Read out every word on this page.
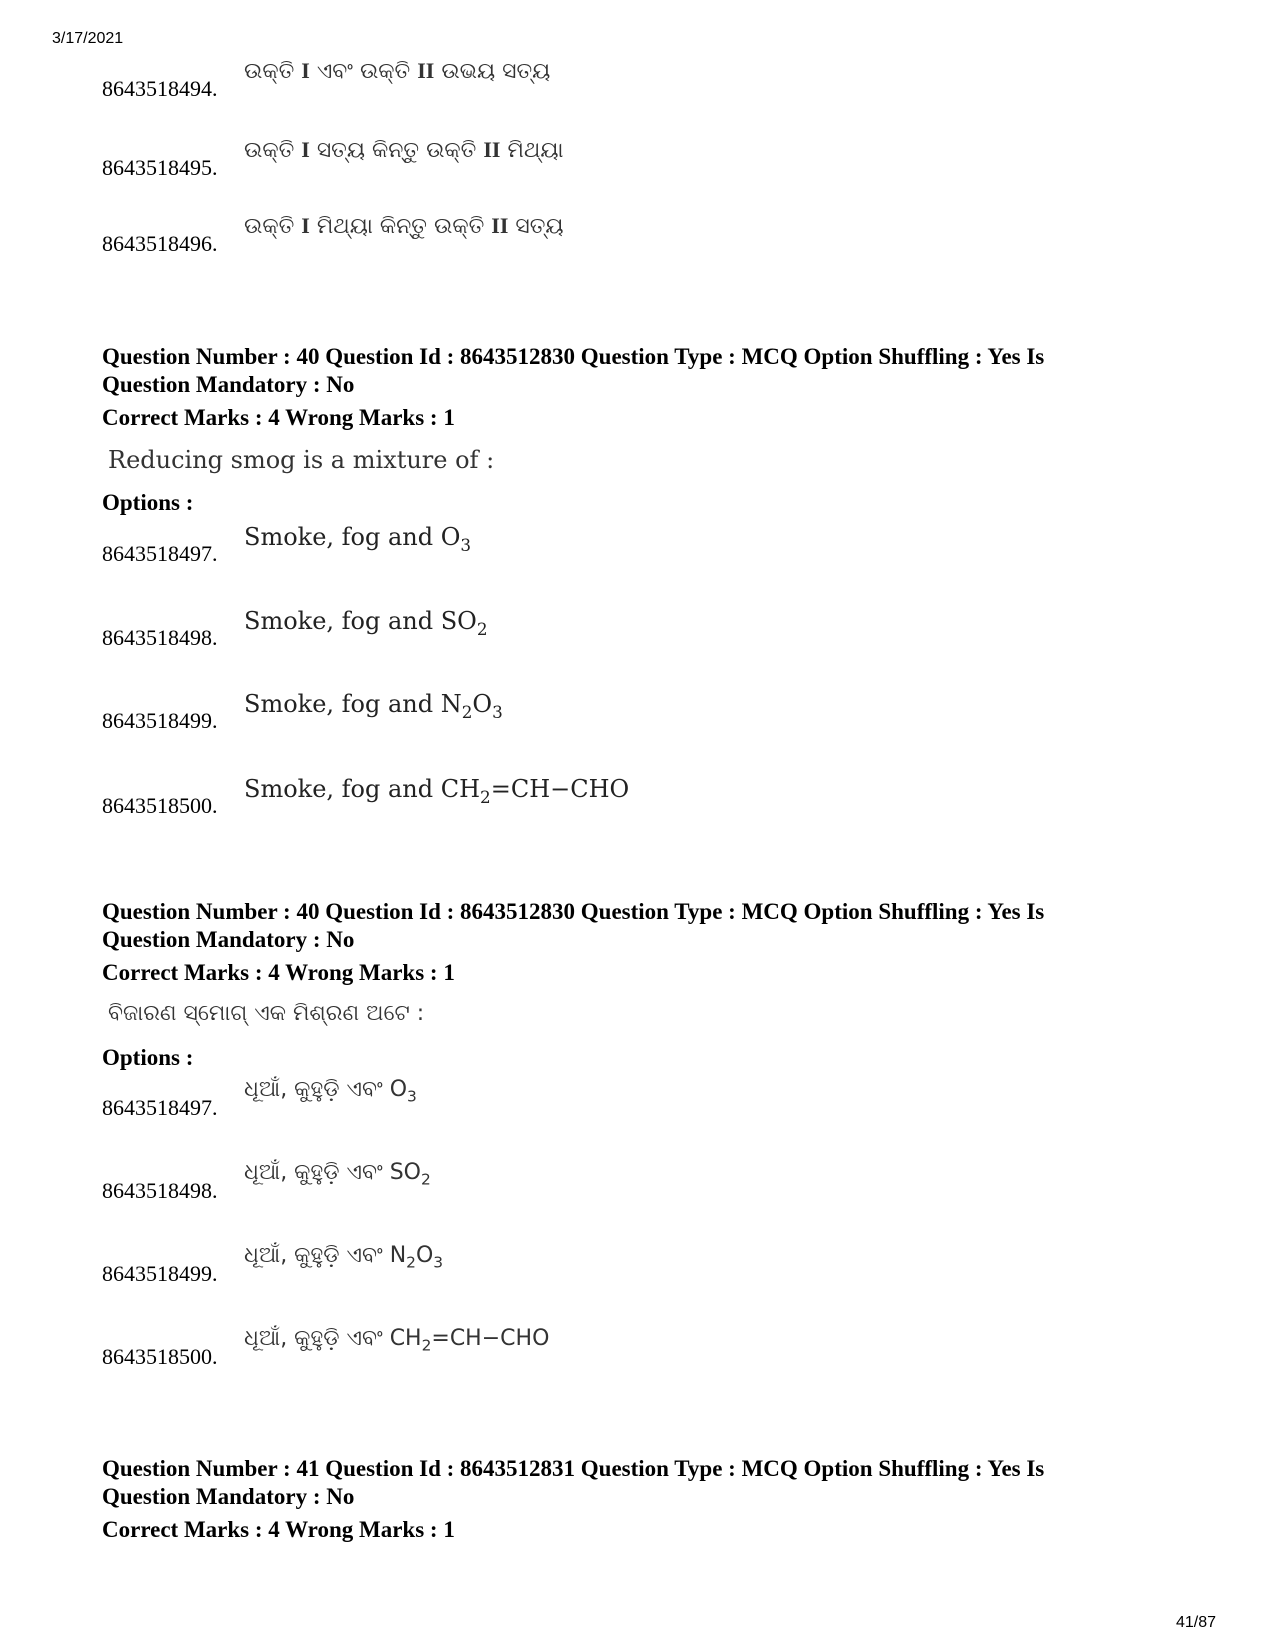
3/17/2021
8643518494.
ଉକ୍ତି I ଏବଂ ଉକ୍ତି II ଉଭୟ ସତ୍ୟ
8643518495.
ଉକ୍ତି I ସତ୍ୟ କିନ୍ତୁ ଉକ୍ତି II ମିଥ୍ୟା
8643518496.
ଉକ୍ତି I ମିଥ୍ୟା କିନ୍ତୁ ଉକ୍ତି II ସତ୍ୟ
Question Number : 40 Question Id : 8643512830 Question Type : MCQ Option Shuffling : Yes Is
Question Mandatory : No
Correct Marks : 4 Wrong Marks : 1
Reducing smog is a mixture of :
Options :
8643518497.
Smoke, fog and $O_3$
8643518498.
Smoke, fog and $SO_2$
8643518499.
Smoke, fog and $N_2O_3$
8643518500.
Smoke, fog and $CH_2=CH-CHO$
Question Number : 40 Question Id : 8643512830 Question Type : MCQ Option Shuffling : Yes Is
Question Mandatory : No
Correct Marks : 4 Wrong Marks : 1
ବିଜାରଣ ସ୍ମୋଗ୍ ଏକ ମିଶ୍ରଣ ଅଟେ :
Options :
8643518497.
ଧୂଆଁ, କୁହୁଡ଼ି ଏବଂ $O_3$
8643518498.
ଧୂଆଁ, କୁହୁଡ଼ି ଏବଂ $SO_2$
8643518499.
ଧୂଆଁ, କୁହୁଡ଼ି ଏବଂ $N_2O_3$
8643518500.
ଧୂଆଁ, କୁହୁଡ଼ି ଏବଂ $CH_2=CH-CHO$
Question Number : 41 Question Id : 8643512831 Question Type : MCQ Option Shuffling : Yes Is
Question Mandatory : No
Correct Marks : 4 Wrong Marks : 1
41/87
